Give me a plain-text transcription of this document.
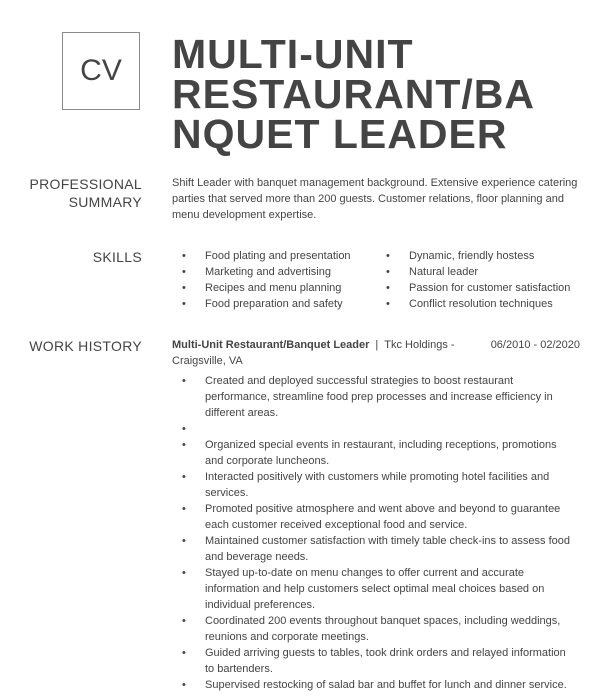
CV MULTI-UNIT
RESTAURANT/BA
NQUET LEADER
PROFESSIONAL
SUMMARY
Shift Leader with banquet management background. Extensive experience catering parties that served more than 200 guests. Customer relations, floor planning and menu development expertise.
SKILLS
•	Food plating and presentation
• Marketing and advertising
• Recipes and menu planning
• Food preparation and safety
• Dynamic, friendly hostess
• Natural leader
• Passion for customer satisfaction
• Conflict resolution techniques
WORK HISTORY	Multi-Unit Restaurant/Banquet Leader | Tkc Holdings -
Craigsville, VA
06/2010 - 02/2020
• Created and deployed successful strategies to boost restaurant performance, streamline food prep processes and increase efficiency in different areas.
•
• Organized special events in restaurant, including receptions, promotions and corporate luncheons.
• Interacted positively with customers while promoting hotel facilities and services.
• Promoted positive atmosphere and went above and beyond to guarantee each customer received exceptional food and service.
• Maintained customer satisfaction with timely table check-ins to assess food and beverage needs.
• Stayed up-to-date on menu changes to offer current and accurate information and help customers select optimal meal choices based on individual preferences.
• Coordinated 200 events throughout banquet spaces, including weddings, reunions and corporate meetings.
• Guided arriving guests to tables, took drink orders and relayed information to bartenders.
• Supervised restocking of salad bar and buffet for lunch and dinner service.
